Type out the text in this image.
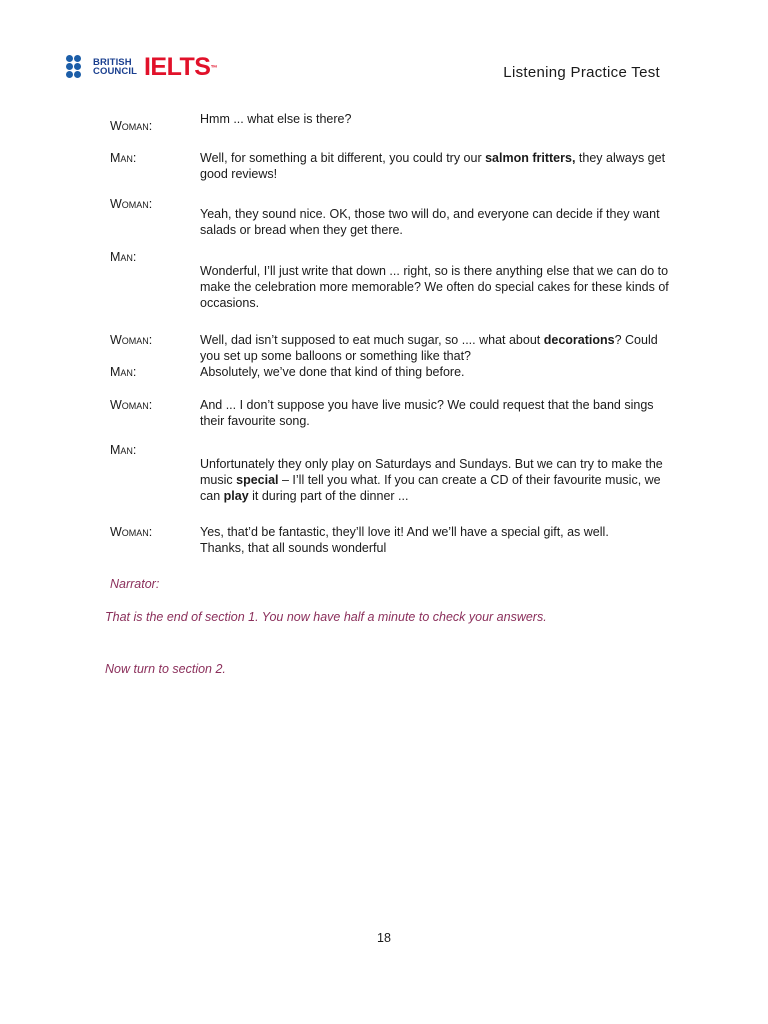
BRITISH
COUNCIL IELTS™	Listening Practice Test
Woman:	Hmm ... what else is there?
Man:	Well, for something a bit different, you could try our salmon fritters, they always get good reviews!
Woman:
Yeah, they sound nice. OK, those two will do, and everyone can decide if they want salads or bread when they get there.
Man:
Wonderful, I’ll just write that down ... right, so is there anything else that we can do to make the celebration more memorable? We often do special cakes for these kinds of occasions.
Woman:	Well, dad isn’t supposed to eat much sugar, so .... what about decorations? Could you set up some balloons or something like that?
Man:	Absolutely, we’ve done that kind of thing before.
Woman:	And ... I don’t suppose you have live music? We could request that the band sings their favourite song.
Man:
Unfortunately they only play on Saturdays and Sundays. But we can try to make the music special – I’ll tell you what. If you can create a CD of their favourite music, we can play it during part of the dinner ...
Woman:	Yes, that’d be fantastic, they’ll love it! And we’ll have a special gift, as well. Thanks, that all sounds wonderful
Narrator:
That is the end of section 1. You now have half a minute to check your answers.
Now turn to section 2.
18
